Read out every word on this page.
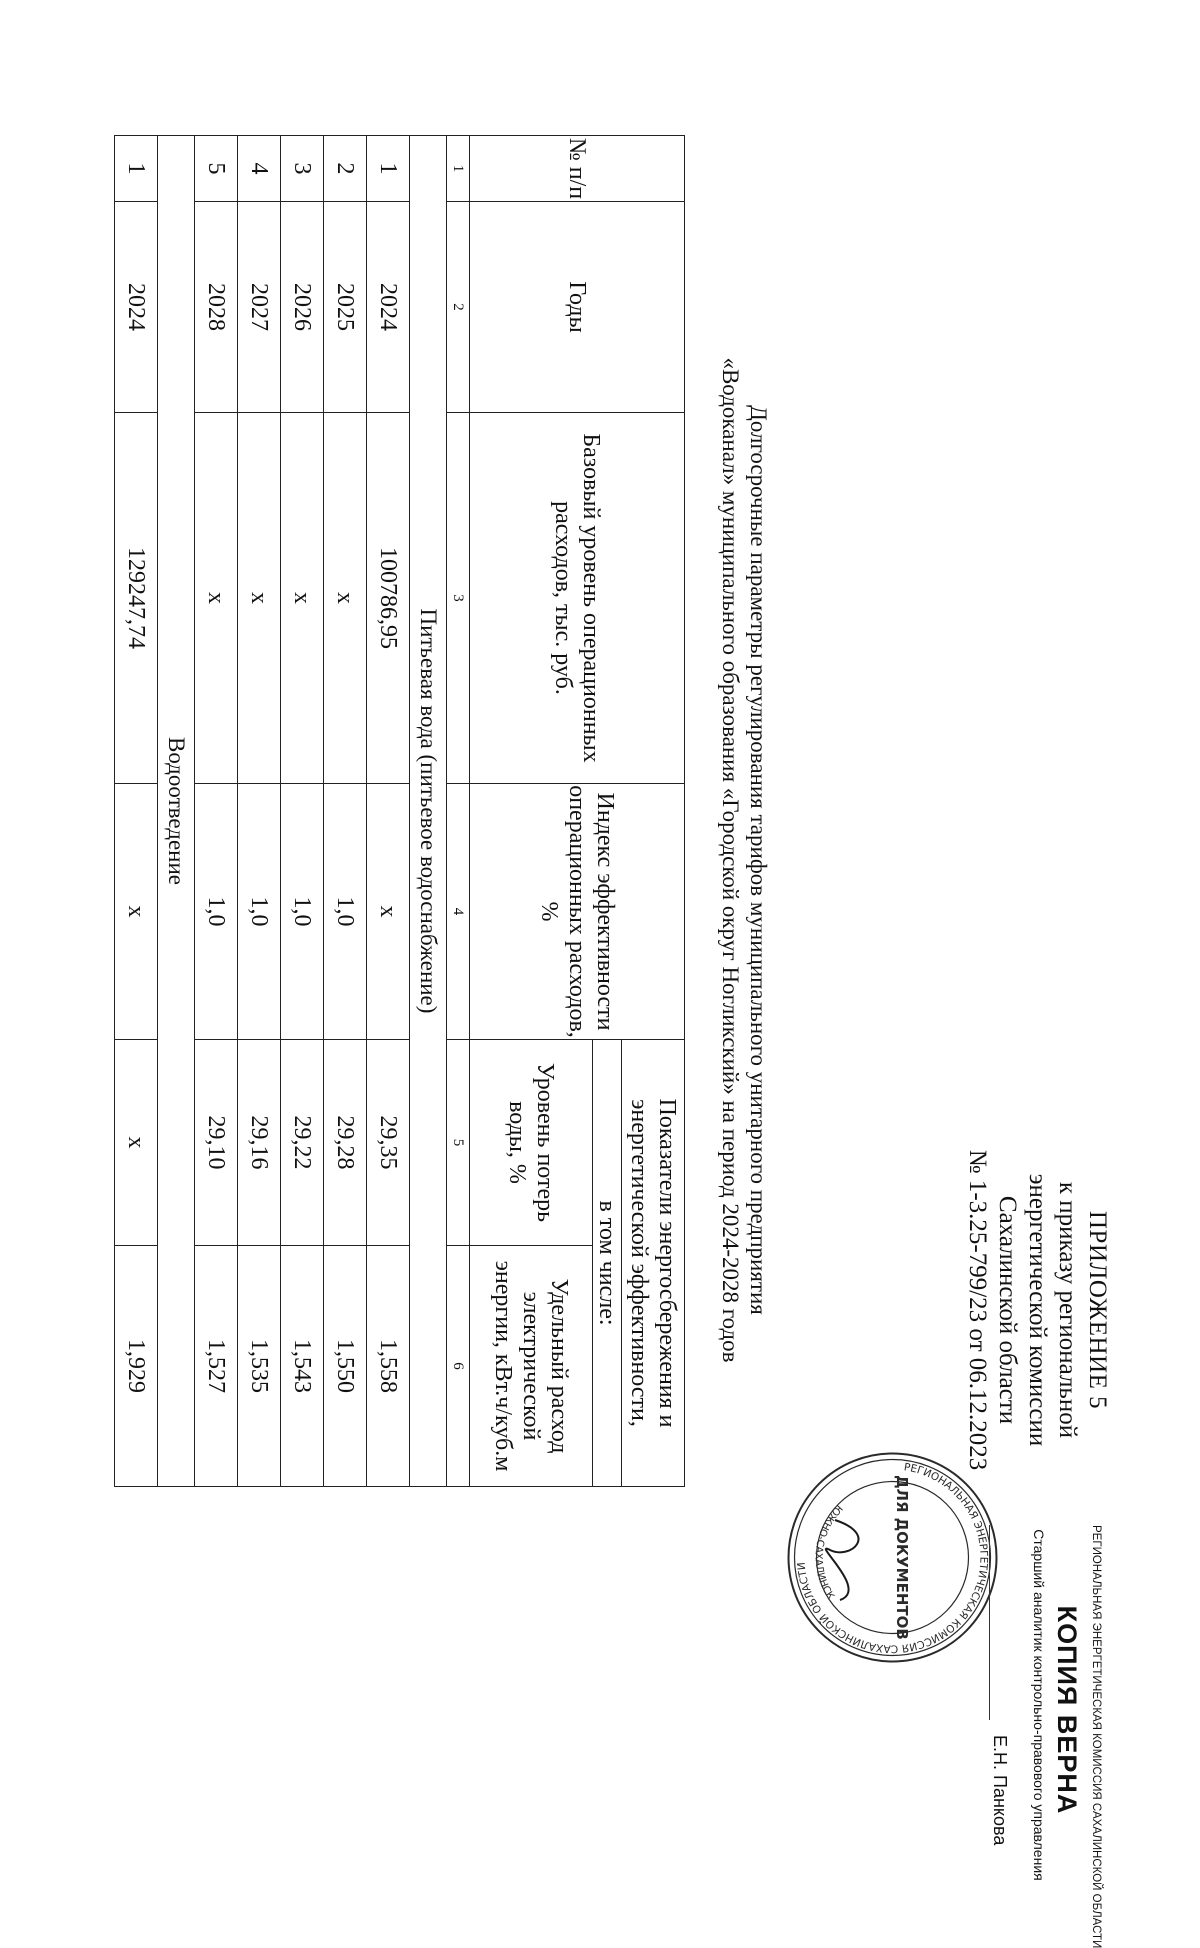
ПРИЛОЖЕНИЕ 5
к приказу региональной
энергетической комиссии
Сахалинской области
№ 1-3.25-799/23 от 06.12.2023
Долгосрочные параметры регулирования тарифов муниципального унитарного предприятия
«Водоканал» муниципального образования «Городской округ Ногликский» на период 2024-2028 годов
№ п/п	Годы	Базовый уровень операционных расходов, тыс. руб.	Индекс эффективности операционных расходов, %	Показатели энергосбережения и энергетической эффективности,	
				в том числе:	
				Уровень потерь воды, %	Удельный расход электрической энергии, кВт.ч/куб.м
1	2	3	4	5	6
Питьевая вода (питьевое водоснабжение)					
1	2024	100786,95	х	29,35	1,558
2	2025	х	1,0	29,28	1,550
3	2026	х	1,0	29,22	1,543
4	2027	х	1,0	29,16	1,535
5	2028	х	1,0	29,10	1,527
Водоотведение					
1	2024	129247,74	х	х	1,929
РЕГИОНАЛЬНАЯ ЭНЕРГЕТИЧЕСКАЯ КОМИССИЯ САХАЛИНСКОЙ ОБЛАСТИ
ЮЖНО-САХАЛИНСК	ДЛЯ ДОКУМЕНТОВ	РЕГИОНАЛЬНАЯ ЭНЕРГЕТИЧЕСКАЯ КОМИССИЯ САХАЛИНСКОЙ ОБЛАСТИ
КОПИЯ ВЕРНА
Старший аналитик контрольно-правового управления
Е.Н. Панкова
